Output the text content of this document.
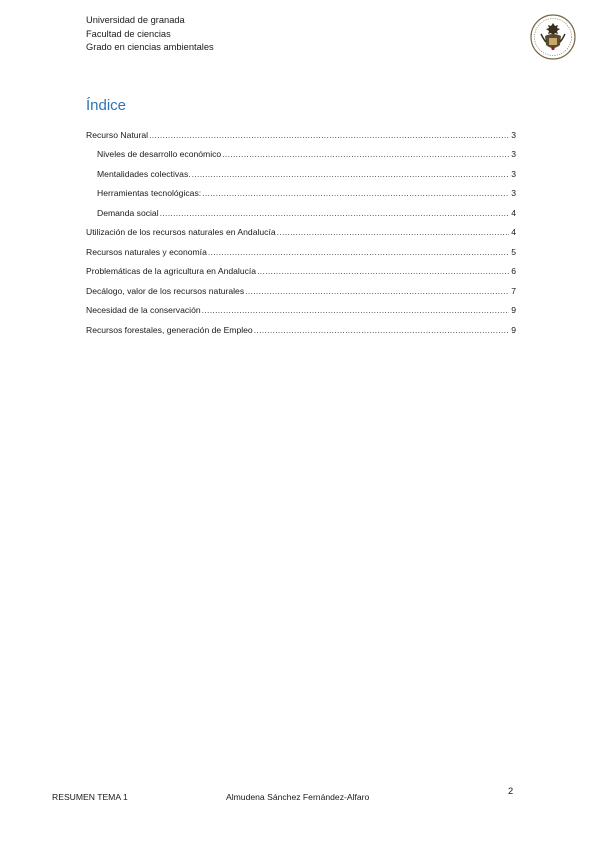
Universidad de granada
Facultad de ciencias
Grado en ciencias ambientales
Índice
Recurso Natural .....	3
Niveles de desarrollo económico .....	3
Mentalidades colectivas. .....	3
Herramientas tecnológicas: .....	3
Demanda social .....	4
Utilización de los recursos naturales en Andalucía .....	4
Recursos naturales y economía .....	5
Problemáticas de la agricultura en Andalucía .....	6
Decálogo, valor de los recursos naturales .....	7
Necesidad de la conservación .....	9
Recursos forestales, generación de Empleo .....	9
RESUMEN TEMA 1	Almudena Sánchez Fernández-Alfaro
2
